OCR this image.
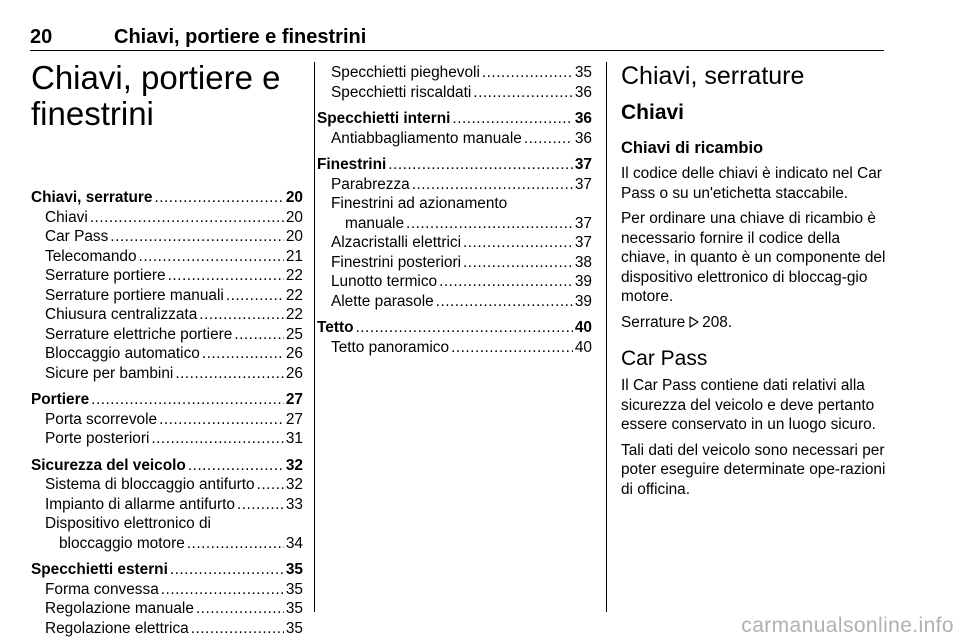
20	Chiavi, portiere e finestrini
Chiavi, portiere e finestrini
Chiavi, serrature .....	20
Chiavi .....	20
Car Pass .....	20
Telecomando .....	21
Serrature portiere .....	22
Serrature portiere manuali .....	22
Chiusura centralizzata .....	22
Serrature elettriche portiere .....	25
Bloccaggio automatico .....	26
Sicure per bambini .....	26
Portiere .....	27
Porta scorrevole .....	27
Porte posteriori .....	31
Sicurezza del veicolo .....	32
Sistema di bloccaggio antifurto ..... 32
Impianto di allarme antifurto .....	33
Dispositivo elettronico di
bloccaggio motore .....	34
Specchietti esterni .....	35
Forma convessa .....	35
Regolazione manuale .....	35
Regolazione elettrica .....	35
Specchietti pieghevoli .....	35
Specchietti riscaldati .....	36
Specchietti interni .....	36
Antiabbagliamento manuale .....	36
Finestrini .....	37
Parabrezza .....	37
Finestrini ad azionamento
manuale .....	37
Alzacristalli elettrici .....	37
Finestrini posteriori .....	38
Lunotto termico .....	39
Alette parasole .....	39
Tetto .....	40
Tetto panoramico .....	40
Chiavi, serrature
Chiavi
Chiavi di ricambio

Il codice delle chiavi è indicato nel Car Pass o su un'etichetta staccabile.

Per ordinare una chiave di ricambio è necessario fornire il codice della chiave, in quanto è un componente del dispositivo elettronico di bloccag-gio motore.

Serrature 208.

Car Pass

Il Car Pass contiene dati relativi alla sicurezza del veicolo e deve pertanto essere conservato in un luogo sicuro.

Tali dati del veicolo sono necessari per poter eseguire determinate ope-razioni di officina.

carmanualsonline.info
